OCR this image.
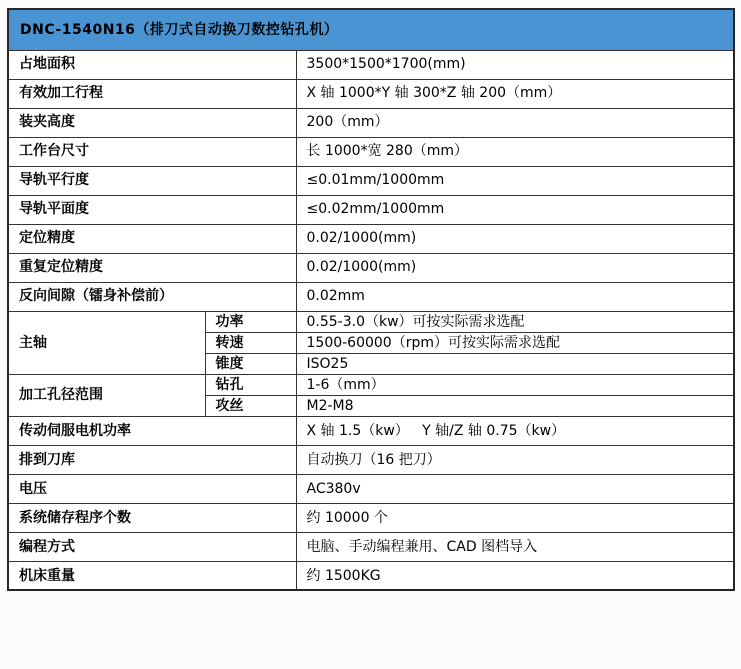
DNC-1540N16（排刀式自动换刀数控钻孔机）		
占地面积		3500*1500*1700(mm)
有效加工行程		X 轴 1000*Y 轴 300*Z 轴 200（mm）
装夹高度		200（mm）
工作台尺寸		长 1000*宽 280（mm）
导轨平行度		≤0.01mm/1000mm
导轨平面度		≤0.02mm/1000mm
定位精度		0.02/1000(mm)
重复定位精度		0.02/1000(mm)
反向间隙（镭身补偿前）		0.02mm
主轴	功率	0.55-3.0（kw）可按实际需求选配
	转速	1500-60000（rpm）可按实际需求选配
	锥度	ISO25
加工孔径范围	钻孔	1-6（mm）
	攻丝	M2-M8
传动伺服电机功率		X 轴 1.5（kw）   Y 轴/Z 轴 0.75（kw）
排到刀库		自动换刀（16 把刀）
电压		AC380v
系统储存程序个数		约 10000 个
编程方式		电脑、手动编程兼用、CAD 图档导入
机床重量		约 1500KG
